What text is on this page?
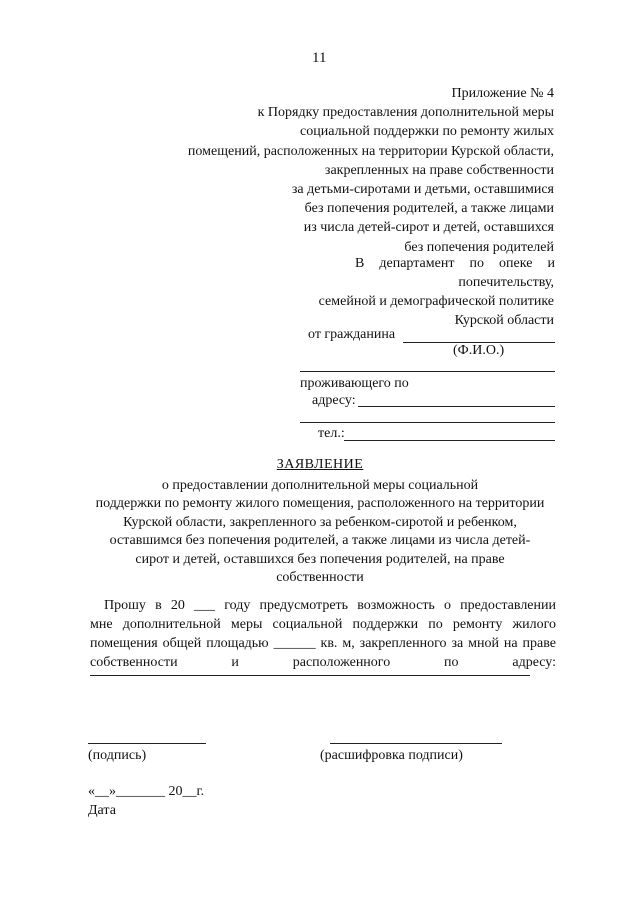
11
Приложение № 4
к Порядку предоставления дополнительной меры
социальной поддержки по ремонту жилых
помещений, расположенных на территории Курской области,
закрепленных на праве собственности
за детьми-сиротами и детьми, оставшимися
без попечения родителей, а также лицами
из числа детей-сирот и детей, оставшихся
без попечения родителей
В департамент по опеке и
попечительству,
семейной и демографической политике
Курской области
от гражданина
(Ф.И.О.)
проживающего по
адресу:
тел.:
ЗАЯВЛЕНИЕ
о предоставлении дополнительной меры социальной
поддержки по ремонту жилого помещения, расположенного на территории
Курской области, закрепленного за ребенком-сиротой и ребенком,
оставшимся без попечения родителей, а также лицами из числа детей-
сирот и детей, оставшихся без попечения родителей, на праве
собственности
Прошу в 20 ___ году предусмотреть возможность о предоставлении
мне дополнительной меры социальной поддержки по ремонту жилого
помещения общей площадью ______ кв. м, закрепленного за мной на праве
собственности и расположенного по адресу:
(подпись)	(расшифровка подписи)
«__»_______ 20__г.
Дата
